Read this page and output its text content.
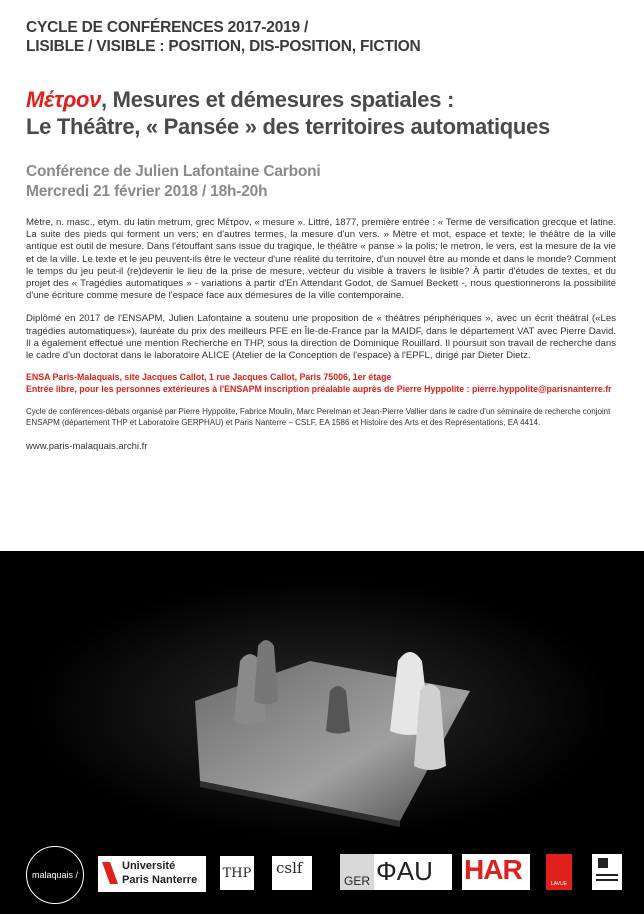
CYCLE DE CONFÉRENCES 2017-2019 /
LISIBLE / VISIBLE : POSITION, DIS-POSITION, FICTION
Μέτρον, Mesures et démesures spatiales :
Le Théâtre, « Pansée » des territoires automatiques
Conférence de Julien Lafontaine Carboni
Mercredi 21 février 2018 / 18h-20h
Mètre, n. masc., etym. du latin metrum, grec Μέτρον, « mesure ». Littré, 1877, première entrée : « Terme de versification grecque et latine. La suite des pieds qui forment un vers; en d'autres termes, la mesure d'un vers. » Mètre et mot, espace et texte; le théâtre de la ville antique est outil de mesure. Dans l'étouffant sans issue du tragique, le théâtre « panse » la polis; le metron, le vers, est la mesure de la vie et de la ville. Le texte et le jeu peuvent-ils être le vecteur d'une réalité du territoire, d'un nouvel être au monde et dans le monde? Comment le temps du jeu peut-il (re)devenir le lieu de la prise de mesure, vecteur du visible à travers le lisible? À partir d'études de textes, et du projet des « Tragédies automatiques » - variations à partir d'En Attendant Godot, de Samuel Beckett -, nous questionnerons la possibilité d'une écriture comme mesure de l'espace face aux démesures de la ville contemporaine.
Diplômé en 2017 de l'ENSAPM, Julien Lafontaine a soutenu une proposition de « théâtres périphériques », avec un écrit théâtral («Les tragédies automatiques»), lauréate du prix des meilleurs PFE en Île-de-France par la MAIDF, dans le département VAT avec Pierre David. Il a également effectué une mention Recherche en THP, sous la direction de Dominique Rouillard. Il poursuit son travail de recherche dans le cadre d'un doctorat dans le laboratoire ALICE (Atelier de la Conception de l'espace) à l'EPFL, dirigé par Dieter Dietz.
ENSA Paris-Malaquais, site Jacques Callot, 1 rue Jacques Callot, Paris 75006, 1er étage
Entrée libre, pour les personnes extérieures à l'ENSAPM inscription préalable auprès de Pierre Hyppolite : pierre.hyppolite@parisnanterre.fr
Cycle de conférences-débats organisé par Pierre Hyppolite, Fabrice Moulin, Marc Perelman et Jean-Pierre Vallier dans le cadre d'un séminaire de recherche conjoint ENSAPM (département THP et Laboratoire GERPHAU) et Paris Nanterre – CSLF, EA 1586 et Histoire des Arts et des Représentations, EA 4414.
www.paris-malaquais.archi.fr
malaquais /
Université
Paris Nanterre THP cslf
GER ΦAU HAR	LAVUE
